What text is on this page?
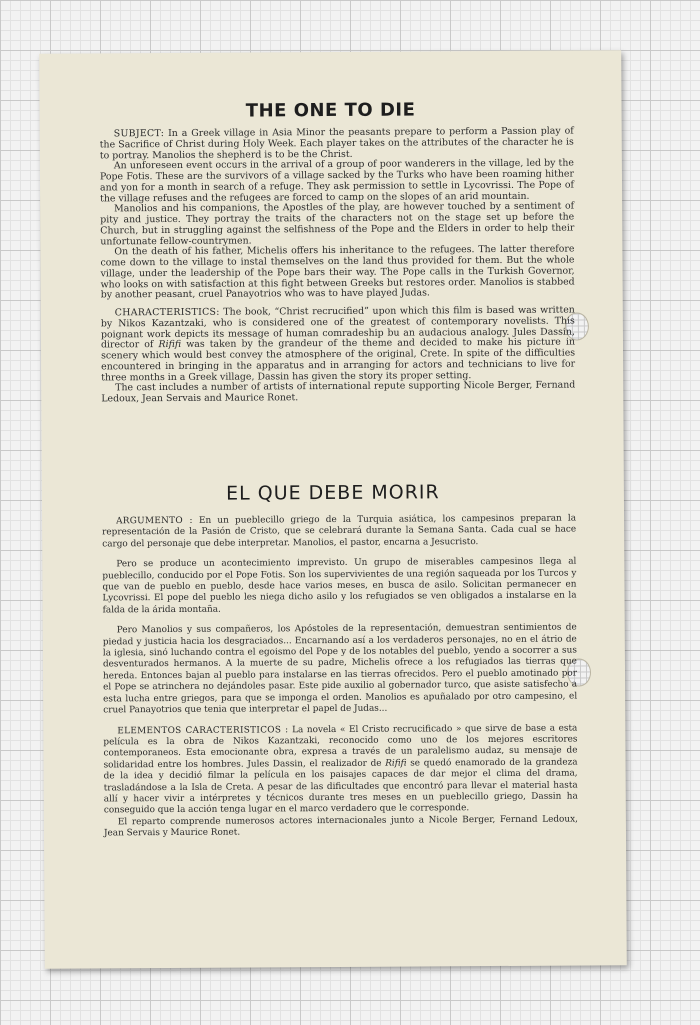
THE ONE TO DIE

SUBJECT: In a Greek village in Asia Minor the peasants prepare to perform a Passion play of the Sacrifice of Christ during Holy Week. Each player takes on the attributes of the character he is to portray. Manolios the shepherd is to be the Christ.

An unforeseen event occurs in the arrival of a group of poor wanderers in the village, led by the Pope Fotis. These are the survivors of a village sacked by the Turks who have been roaming hither and yon for a month in search of a refuge. They ask permission to settle in Lycovrissi. The Pope of the village refuses and the refugees are forced to camp on the slopes of an arid mountain.

Manolios and his companions, the Apostles of the play, are however touched by a sentiment of pity and justice. They portray the traits of the characters not on the stage set up before the Church, but in struggling against the selfishness of the Pope and the Elders in order to help their unfortunate fellow-countrymen.

On the death of his father, Michelis offers his inheritance to the refugees. The latter therefore come down to the village to instal themselves on the land thus provided for them. But the whole village, under the leadership of the Pope bars their way. The Pope calls in the Turkish Governor, who looks on with satisfaction at this fight between Greeks but restores order. Manolios is stabbed by another peasant, cruel Panayotrios who was to have played Judas.

CHARACTERISTICS: The book, “Christ recrucified” upon which this film is based was written by Nikos Kazantzaki, who is considered one of the greatest of contemporary novelists. This poignant work depicts its message of human comradeship bu an audacious analogy. Jules Dassin, director of Rififi was taken by the grandeur of the theme and decided to make his picture in scenery which would best convey the atmosphere of the original, Crete. In spite of the difficulties encountered in bringing in the apparatus and in arranging for actors and technicians to live for three months in a Greek village, Dassin has given the story its proper setting.

The cast includes a number of artists of international repute supporting Nicole Berger, Fernand Ledoux, Jean Servais and Maurice Ronet.

EL QUE DEBE MORIR

ARGUMENTO : En un pueblecillo griego de la Turquia asiática, los campesinos preparan la representación de la Pasión de Cristo, que se celebrará durante la Semana Santa. Cada cual se hace cargo del personaje que debe interpretar. Manolios, el pastor, encarna a Jesucristo.

Pero se produce un acontecimiento imprevisto. Un grupo de miserables campesinos llega al pueblecillo, conducido por el Pope Fotis. Son los supervivientes de una región saqueada por los Turcos y que van de pueblo en pueblo, desde hace varios meses, en busca de asilo. Solicitan permanecer en Lycovrissi. El pope del pueblo les niega dicho asilo y los refugiados se ven obligados a instalarse en la falda de la árida montaña.

Pero Manolios y sus compañeros, los Apóstoles de la representación, demuestran sentimientos de piedad y justicia hacia los desgraciados... Encarnando así a los verdaderos personajes, no en el átrio de la iglesia, sinó luchando contra el egoismo del Pope y de los notables del pueblo, yendo a socorrer a sus desventurados hermanos. A la muerte de su padre, Michelis ofrece a los refugiados las tierras que hereda. Entonces bajan al pueblo para instalarse en las tierras ofrecidos. Pero el pueblo amotinado por el Pope se atrinchera no dejándoles pasar. Este pide auxilio al gobernador turco, que asiste satisfecho a esta lucha entre griegos, para que se imponga el orden. Manolios es apuñalado por otro campesino, el cruel Panayotrios que tenia que interpretar el papel de Judas...

ELEMENTOS CARACTERISTICOS : La novela « El Cristo recrucificado » que sirve de base a esta película es la obra de Nikos Kazantzaki, reconocido como uno de los mejores escritores contemporaneos. Esta emocionante obra, expresa a través de un paralelismo audaz, su mensaje de solidaridad entre los hombres. Jules Dassin, el realizador de Rififi se quedó enamorado de la grandeza de la idea y decidió filmar la película en los paisajes capaces de dar mejor el clima del drama, trasladándose a la Isla de Creta. A pesar de las dificultades que encontró para llevar el material hasta allí y hacer vivir a intérpretes y técnicos durante tres meses en un pueblecillo griego, Dassin ha conseguido que la acción tenga lugar en el marco verdadero que le corresponde.

El reparto comprende numerosos actores internacionales junto a Nicole Berger, Fernand Ledoux, Jean Servais y Maurice Ronet.
